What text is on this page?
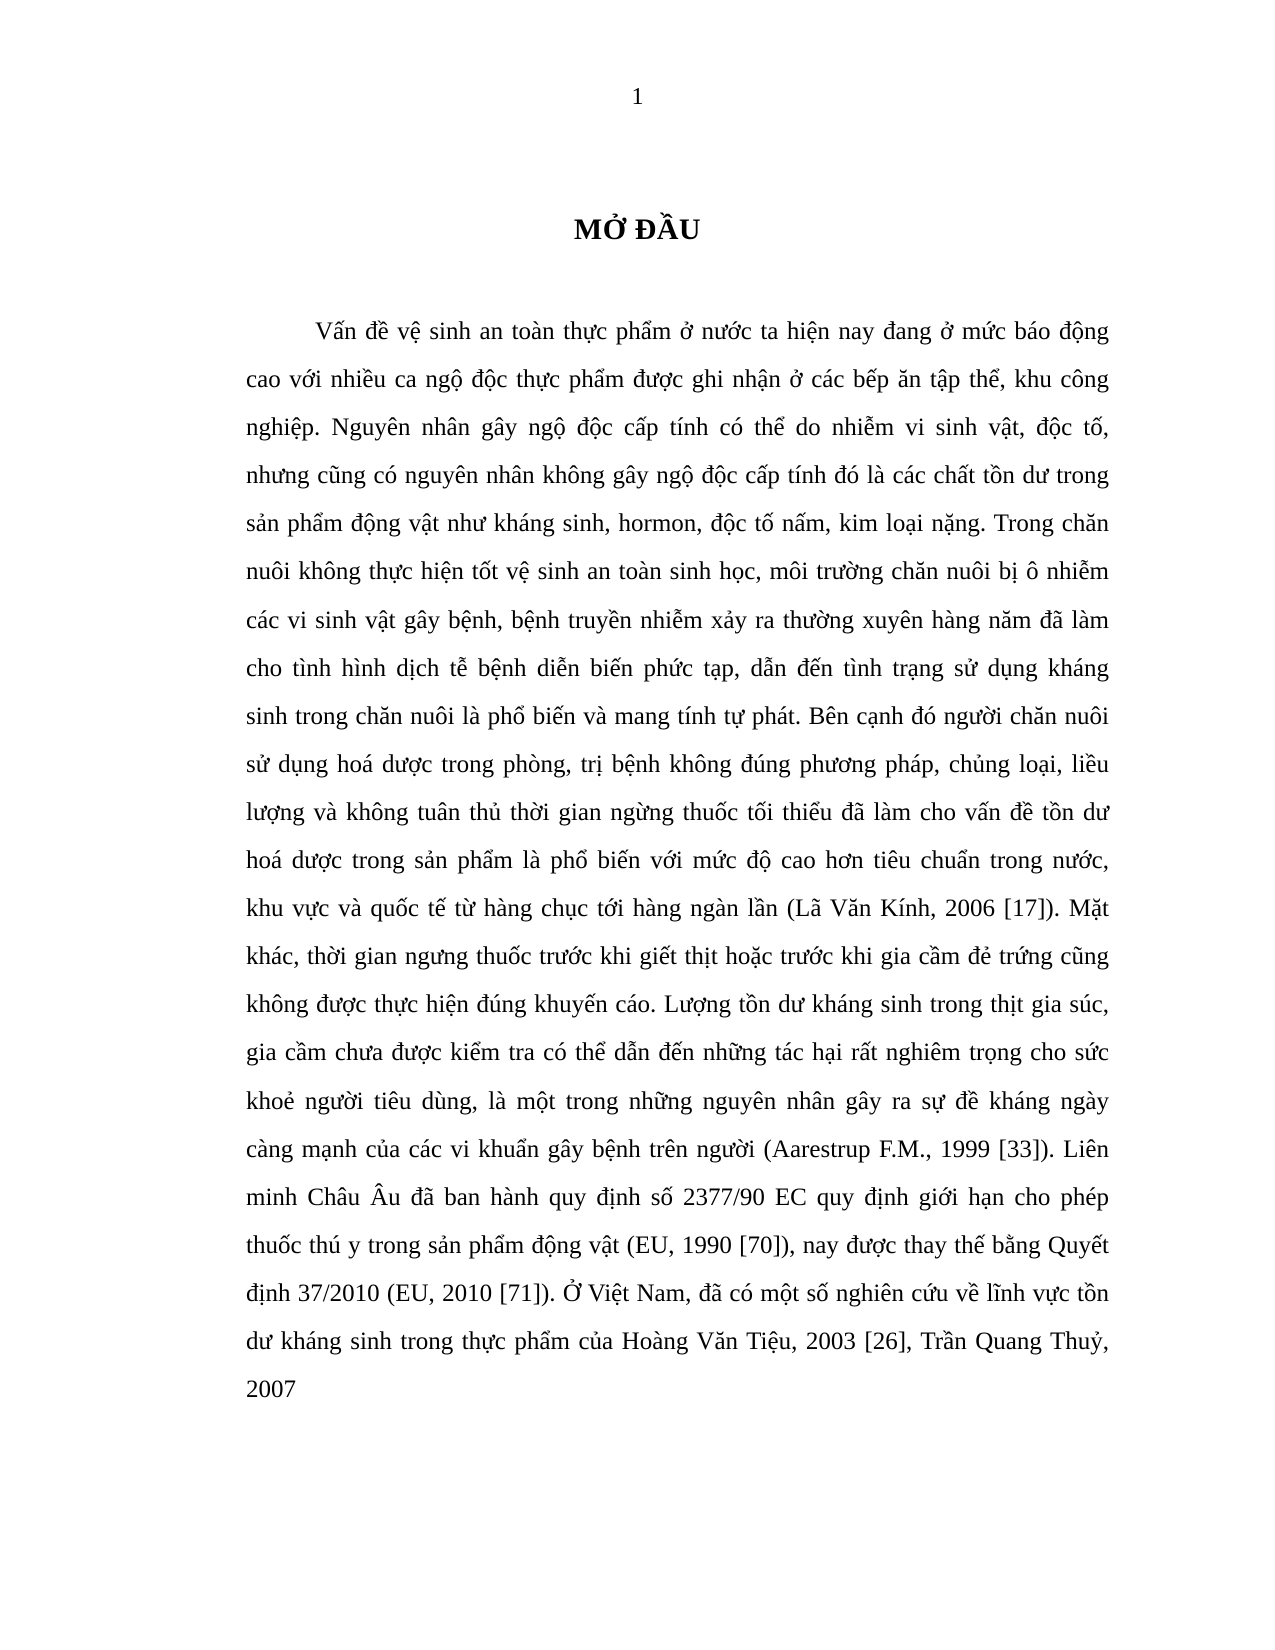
1
MỞ ĐẦU

Vấn đề vệ sinh an toàn thực phẩm ở nước ta hiện nay đang ở mức báo động cao với nhiều ca ngộ độc thực phẩm được ghi nhận ở các bếp ăn tập thể, khu công nghiệp. Nguyên nhân gây ngộ độc cấp tính có thể do nhiễm vi sinh vật, độc tố, nhưng cũng có nguyên nhân không gây ngộ độc cấp tính đó là các chất tồn dư trong sản phẩm động vật như kháng sinh, hormon, độc tố nấm, kim loại nặng. Trong chăn nuôi không thực hiện tốt vệ sinh an toàn sinh học, môi trường chăn nuôi bị ô nhiễm các vi sinh vật gây bệnh, bệnh truyền nhiễm xảy ra thường xuyên hàng năm đã làm cho tình hình dịch tễ bệnh diễn biến phức tạp, dẫn đến tình trạng sử dụng kháng sinh trong chăn nuôi là phổ biến và mang tính tự phát. Bên cạnh đó người chăn nuôi sử dụng hoá dược trong phòng, trị bệnh không đúng phương pháp, chủng loại, liều lượng và không tuân thủ thời gian ngừng thuốc tối thiểu đã làm cho vấn đề tồn dư hoá dược trong sản phẩm là phổ biến với mức độ cao hơn tiêu chuẩn trong nước, khu vực và quốc tế từ hàng chục tới hàng ngàn lần (Lã Văn Kính, 2006 [17]). Mặt khác, thời gian ngưng thuốc trước khi giết thịt hoặc trước khi gia cầm đẻ trứng cũng không được thực hiện đúng khuyến cáo. Lượng tồn dư kháng sinh trong thịt gia súc, gia cầm chưa được kiểm tra có thể dẫn đến những tác hại rất nghiêm trọng cho sức khoẻ người tiêu dùng, là một trong những nguyên nhân gây ra sự đề kháng ngày càng mạnh của các vi khuẩn gây bệnh trên người (Aarestrup F.M., 1999 [33]). Liên minh Châu Âu đã ban hành quy định số 2377/90 EC quy định giới hạn cho phép thuốc thú y trong sản phẩm động vật (EU, 1990 [70]), nay được thay thế bằng Quyết định 37/2010 (EU, 2010 [71]). Ở Việt Nam, đã có một số nghiên cứu về lĩnh vực tồn dư kháng sinh trong thực phẩm của Hoàng Văn Tiệu, 2003 [26], Trần Quang Thuỷ, 2007
